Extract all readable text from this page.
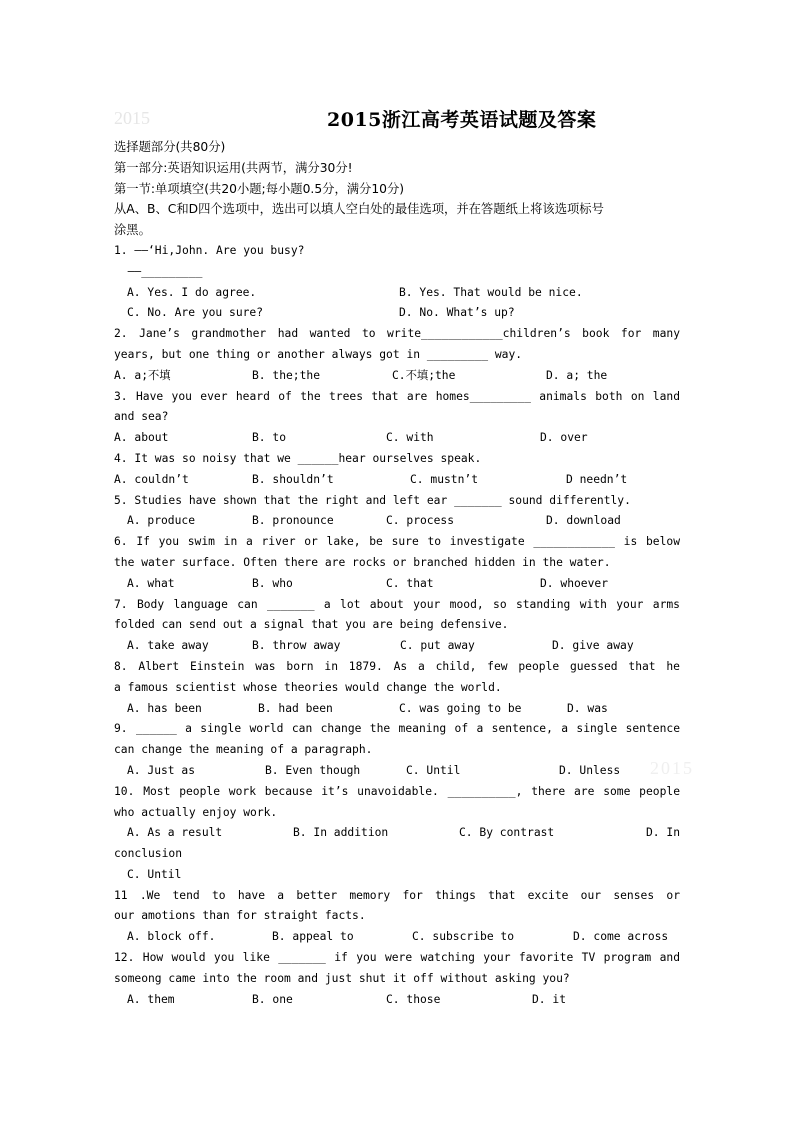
2015
2015
2015浙江高考英语试题及答案
选择题部分(共80分)
第一部分:英语知识运用(共两节，满分30分!
第一节:单项填空(共20小题;每小题0.5分，满分10分)
从A、B、C和D四个选项中，选出可以填人空白处的最佳选项，并在答题纸上将该选项标号
涂黑。
1. ——‘Hi,John. Are you busy?
——_________
A. Yes. I do agree.	B. Yes. That would be nice.
C. No. Are you sure?	D. No. What’s up?
2. Jane’s grandmother had wanted to write____________children’s book for many
years, but one thing or another always got in _________ way.
A. a;不填	B. the;the	C.不填;the	D. a; the
3. Have you ever heard of the trees that are homes_________ animals both on land
and sea?
A. about	B. to	C. with	D. over
4. It was so noisy that we ______hear ourselves speak.
A. couldn’t	B. shouldn’t	C. mustn’t	D needn’t
5. Studies have shown that the right and left ear _______ sound differently.
A. produce	B. pronounce	C. process	D. download
6. If you swim in a river or lake, be sure to investigate ____________ is below
the water surface. Often there are rocks or branched hidden in the water.
A. what	B. who	C. that	D. whoever
7. Body language can _______ a lot about your mood, so standing with your arms
folded can send out a signal that you are being defensive.
A. take away	B. throw away	C. put away	D. give away
8. Albert Einstein was born in 1879. As a child, few people guessed that he
a famous scientist whose theories would change the world.
A. has been	B. had been	C. was going to be	D. was
9. ______ a single world can change the meaning of a sentence, a single sentence
can change the meaning of a paragraph.
A. Just as	B. Even though	C. Until	D. Unless
10. Most people work because it’s unavoidable. __________, there are some people
who actually enjoy work.
A. As a result	B. In addition	C. By contrast	D. In
conclusion
C. Until
11 .We tend to have a better memory for things that excite our senses or
our amotions than for straight facts.
A. block off.	B. appeal to	C. subscribe to	D. come across
12. How would you like _______ if you were watching your favorite TV program and
someong came into the room and just shut it off without asking you?
A. them	B. one	C. those	D. it
